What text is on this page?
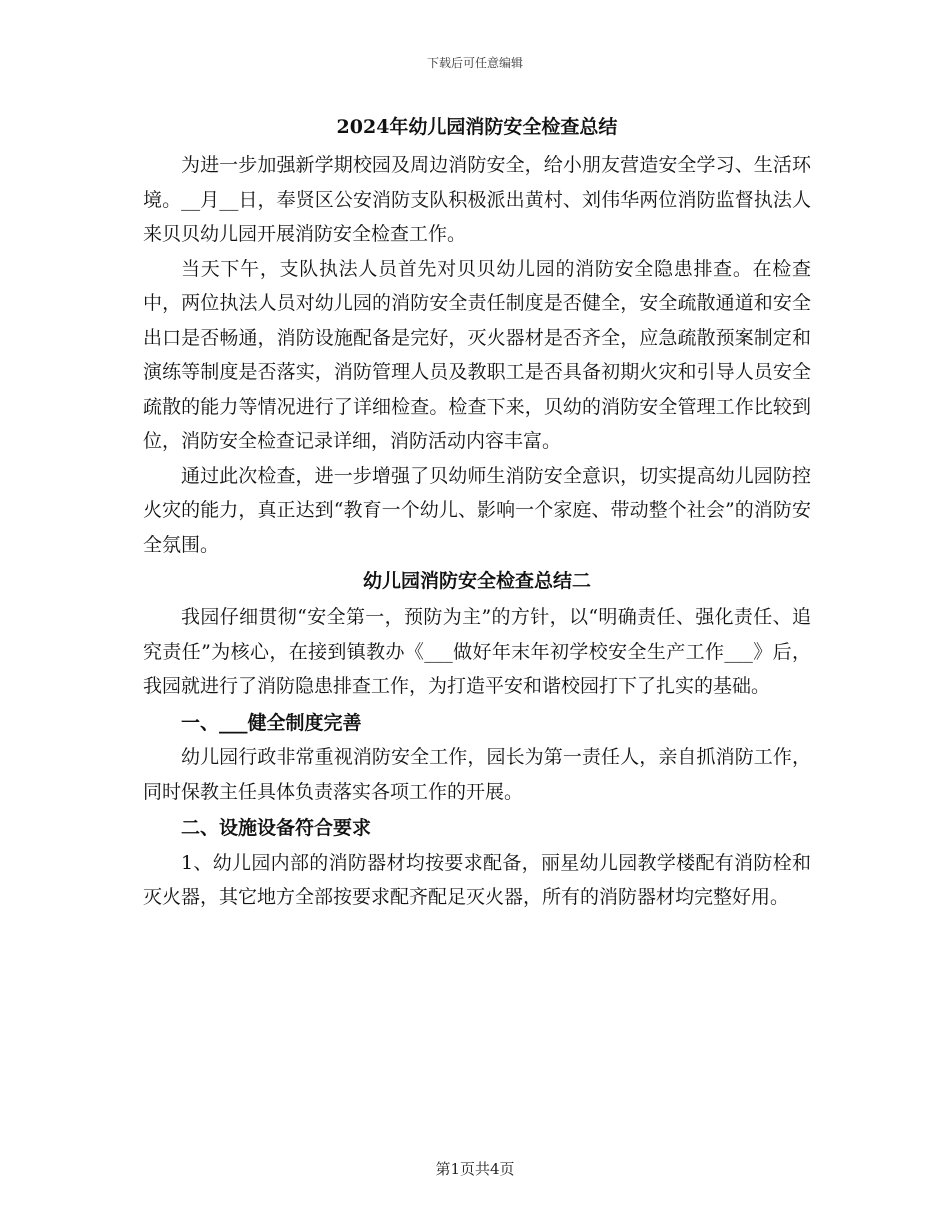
下载后可任意编辑
2024年幼儿园消防安全检查总结

为进一步加强新学期校园及周边消防安全，给小朋友营造安全学习、生活环境。__月__日，奉贤区公安消防支队积极派出黄村、刘伟华两位消防监督执法人来贝贝幼儿园开展消防安全检查工作。

当天下午，支队执法人员首先对贝贝幼儿园的消防安全隐患排查。在检查中，两位执法人员对幼儿园的消防安全责任制度是否健全，安全疏散通道和安全出口是否畅通，消防设施配备是完好，灭火器材是否齐全，应急疏散预案制定和演练等制度是否落实，消防管理人员及教职工是否具备初期火灾和引导人员安全疏散的能力等情况进行了详细检查。检查下来，贝幼的消防安全管理工作比较到位，消防安全检查记录详细，消防活动内容丰富。

通过此次检查，进一步增强了贝幼师生消防安全意识，切实提高幼儿园防控火灾的能力，真正达到“教育一个幼儿、影响一个家庭、带动整个社会”的消防安全氛围。

幼儿园消防安全检查总结二

我园仔细贯彻“安全第一，预防为主”的方针，以“明确责任、强化责任、追究责任”为核心，在接到镇教办《___做好年末年初学校安全生产工作___》后，我园就进行了消防隐患排查工作，为打造平安和谐校园打下了扎实的基础。

一、___健全制度完善

幼儿园行政非常重视消防安全工作，园长为第一责任人，亲自抓消防工作，同时保教主任具体负责落实各项工作的开展。

二、设施设备符合要求

1、幼儿园内部的消防器材均按要求配备，丽星幼儿园教学楼配有消防栓和灭火器，其它地方全部按要求配齐配足灭火器，所有的消防器材均完整好用。

第1页共4页
